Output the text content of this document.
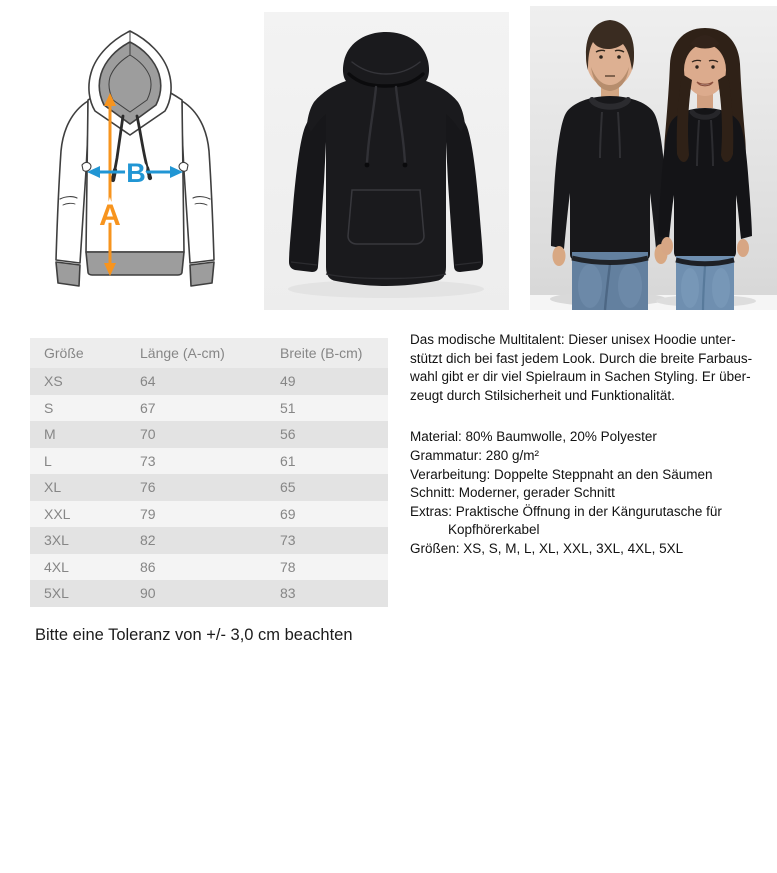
B
A
Größe	Länge (A-cm)	Breite (B-cm)
XS	64	49
S	67	51
M	70	56
L	73	61
XL	76	65
XXL	79	69
3XL	82	73
4XL	86	78
5XL	90	83
Bitte eine Toleranz von +/- 3,0 cm beachten
Das modische Multitalent: Dieser unisex Hoodie unter-
stützt dich bei fast jedem Look. Durch die breite Farbaus-
wahl gibt er dir viel Spielraum in Sachen Styling. Er über-
zeugt durch Stilsicherheit und Funktionalität.
Material: 80% Baumwolle, 20% Polyester
Grammatur: 280 g/m²
Verarbeitung: Doppelte Steppnaht an den Säumen
Schnitt: Moderner, gerader Schnitt
Extras: Praktische Öffnung in der Kängurutasche für
Kopfhörerkabel
Größen: XS, S, M, L, XL, XXL, 3XL, 4XL, 5XL
